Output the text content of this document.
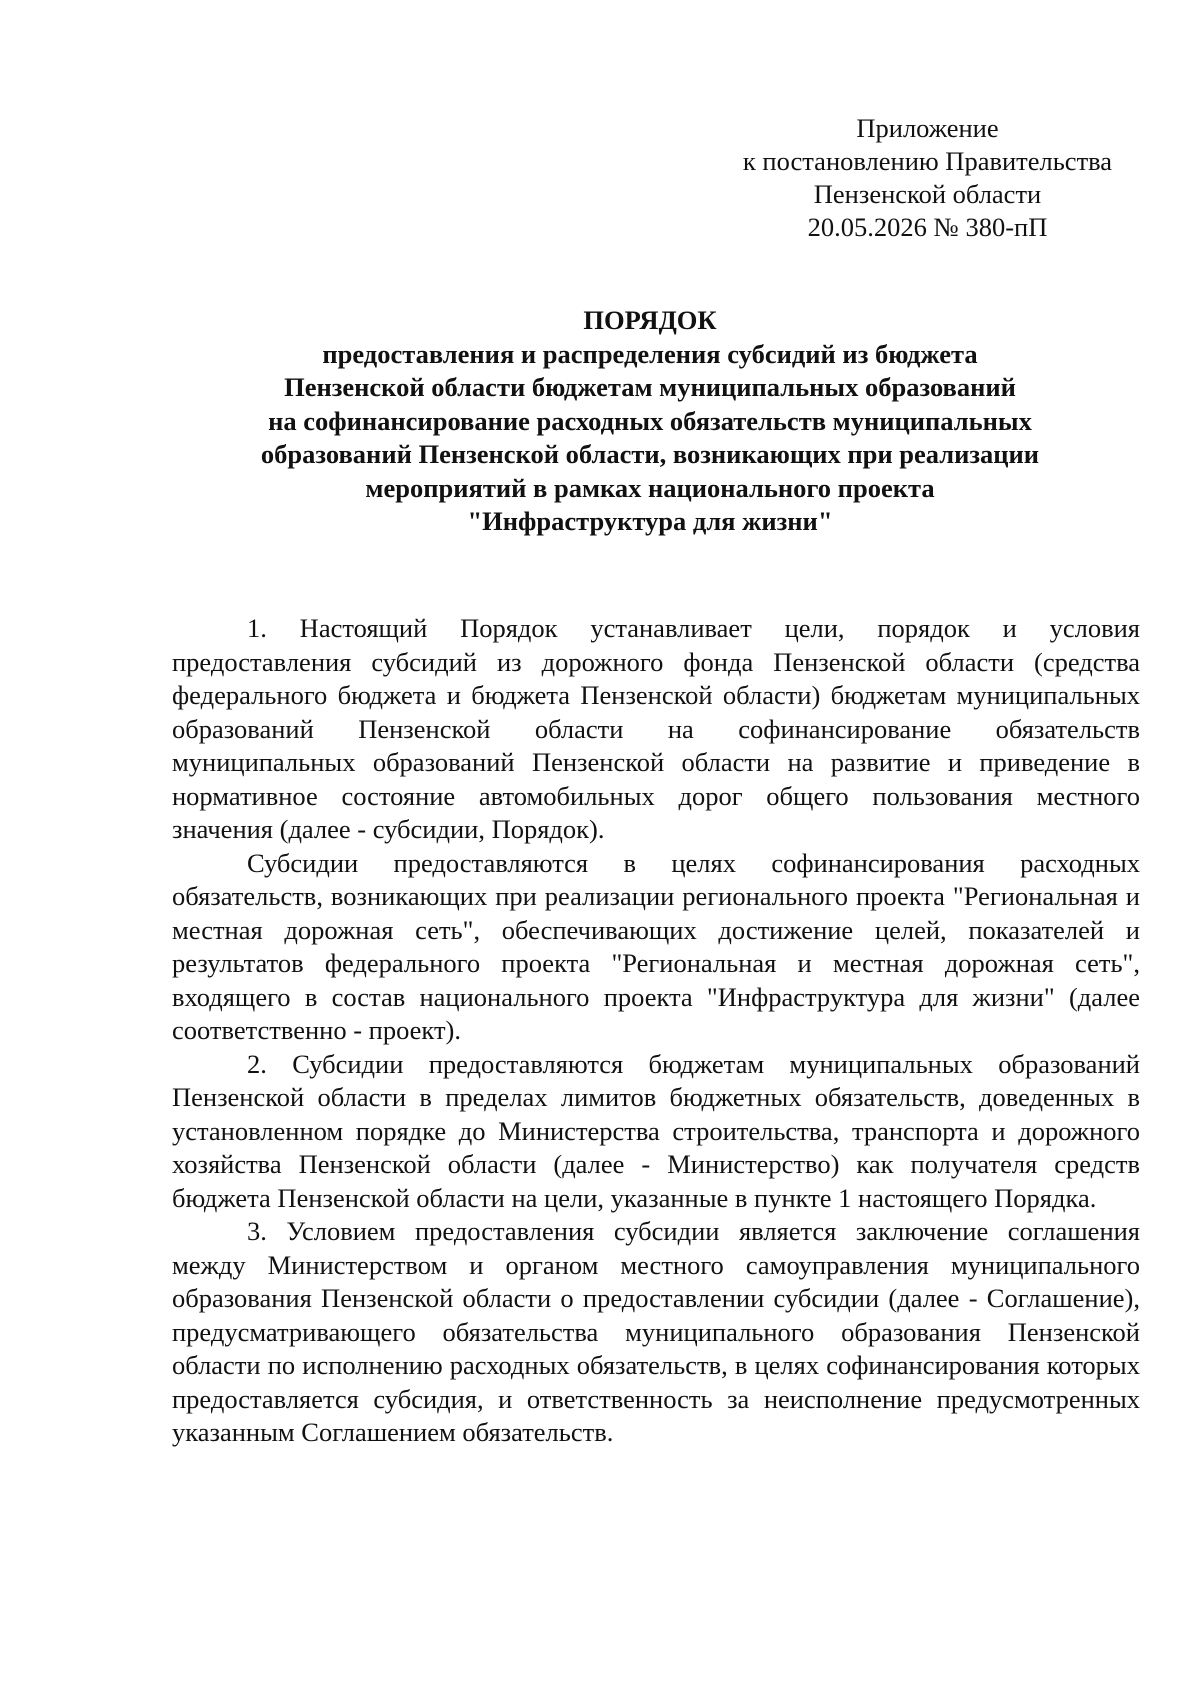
Приложение
к постановлению Правительства
Пензенской области
20.05.2026 № 380-пП
ПОРЯДОК
предоставления и распределения субсидий из бюджета
Пензенской области бюджетам муниципальных образований
на софинансирование расходных обязательств муниципальных
образований Пензенской области, возникающих при реализации
мероприятий в рамках национального проекта
"Инфраструктура для жизни"

1. Настоящий Порядок устанавливает цели, порядок и условия предоставления субсидий из дорожного фонда Пензенской области (средства федерального бюджета и бюджета Пензенской области) бюджетам муниципальных образований Пензенской области на софинансирование обязательств муниципальных образований Пензенской области на развитие и приведение в нормативное состояние автомобильных дорог общего пользования местного значения (далее - субсидии, Порядок).

Субсидии предоставляются в целях софинансирования расходных обязательств, возникающих при реализации регионального проекта "Региональная и местная дорожная сеть", обеспечивающих достижение целей, показателей и результатов федерального проекта "Региональная и местная дорожная сеть", входящего в состав национального проекта "Инфраструктура для жизни" (далее соответственно - проект).

2. Субсидии предоставляются бюджетам муниципальных образований Пензенской области в пределах лимитов бюджетных обязательств, доведенных в установленном порядке до Министерства строительства, транспорта и дорожного хозяйства Пензенской области (далее - Министерство) как получателя средств бюджета Пензенской области на цели, указанные в пункте 1 настоящего Порядка.

3. Условием предоставления субсидии является заключение соглашения между Министерством и органом местного самоуправления муниципального образования Пензенской области о предоставлении субсидии (далее - Соглашение), предусматривающего обязательства муниципального образования Пензенской области по исполнению расходных обязательств, в целях софинансирования которых предоставляется субсидия, и ответственность за неисполнение предусмотренных указанным Соглашением обязательств.
